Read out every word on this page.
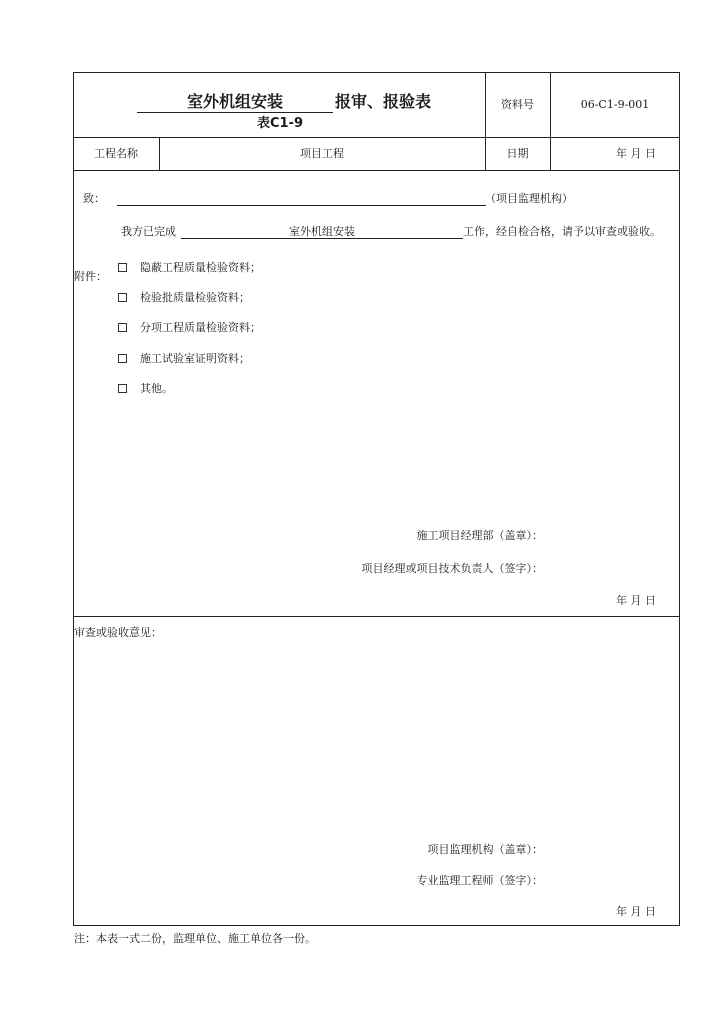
室外机组安装	报审、报验表
表C1-9
资料号	06-C1-9-001
工程名称	项目工程	日期	年 月 日
致：	（项目监理机构）
我方已完成	室外机组安装	工作，经自检合格，请予以审查或验收。
附件：
隐蔽工程质量检验资料；
检验批质量检验资料；
分项工程质量检验资料；
施工试验室证明资料；
其他。
施工项目经理部（盖章）：
项目经理或项目技术负责人（签字）：
年 月 日
审查或验收意见：
项目监理机构（盖章）：
专业监理工程师（签字）：
年 月 日
注：本表一式二份，监理单位、施工单位各一份。
